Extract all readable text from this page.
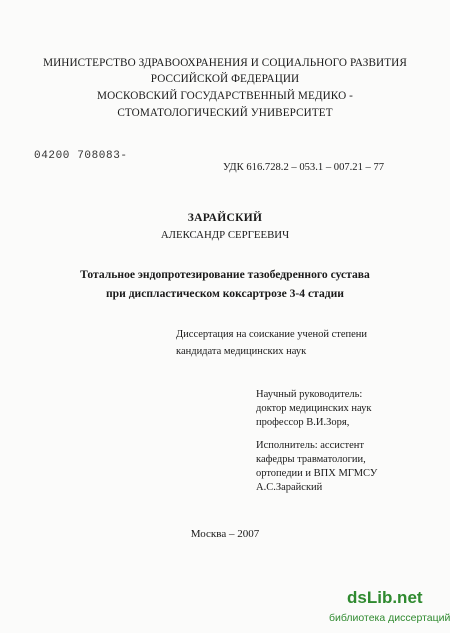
МИНИСТЕРСТВО ЗДРАВООХРАНЕНИЯ И СОЦИАЛЬНОГО РАЗВИТИЯ
РОССИЙСКОЙ ФЕДЕРАЦИИ
МОСКОВСКИЙ ГОСУДАРСТВЕННЫЙ МЕДИКО -
СТОМАТОЛОГИЧЕСКИЙ УНИВЕРСИТЕТ
04200 708083-
УДК 616.728.2 – 053.1 – 007.21 – 77
ЗАРАЙСКИЙ
АЛЕКСАНДР СЕРГЕЕВИЧ
Тотальное эндопротезирование тазобедренного сустава
при диспластическом коксартрозе 3-4 стадии
Диссертация на соискание ученой степени
кандидата медицинских наук
Научный руководитель:
доктор медицинских наук
профессор В.И.Зоря,
Исполнитель: ассистент
кафедры травматологии,
ортопедии и ВПХ МГМСУ
А.С.Зарайский
Москва – 2007
dsLib.net
библиотека диссертаций
